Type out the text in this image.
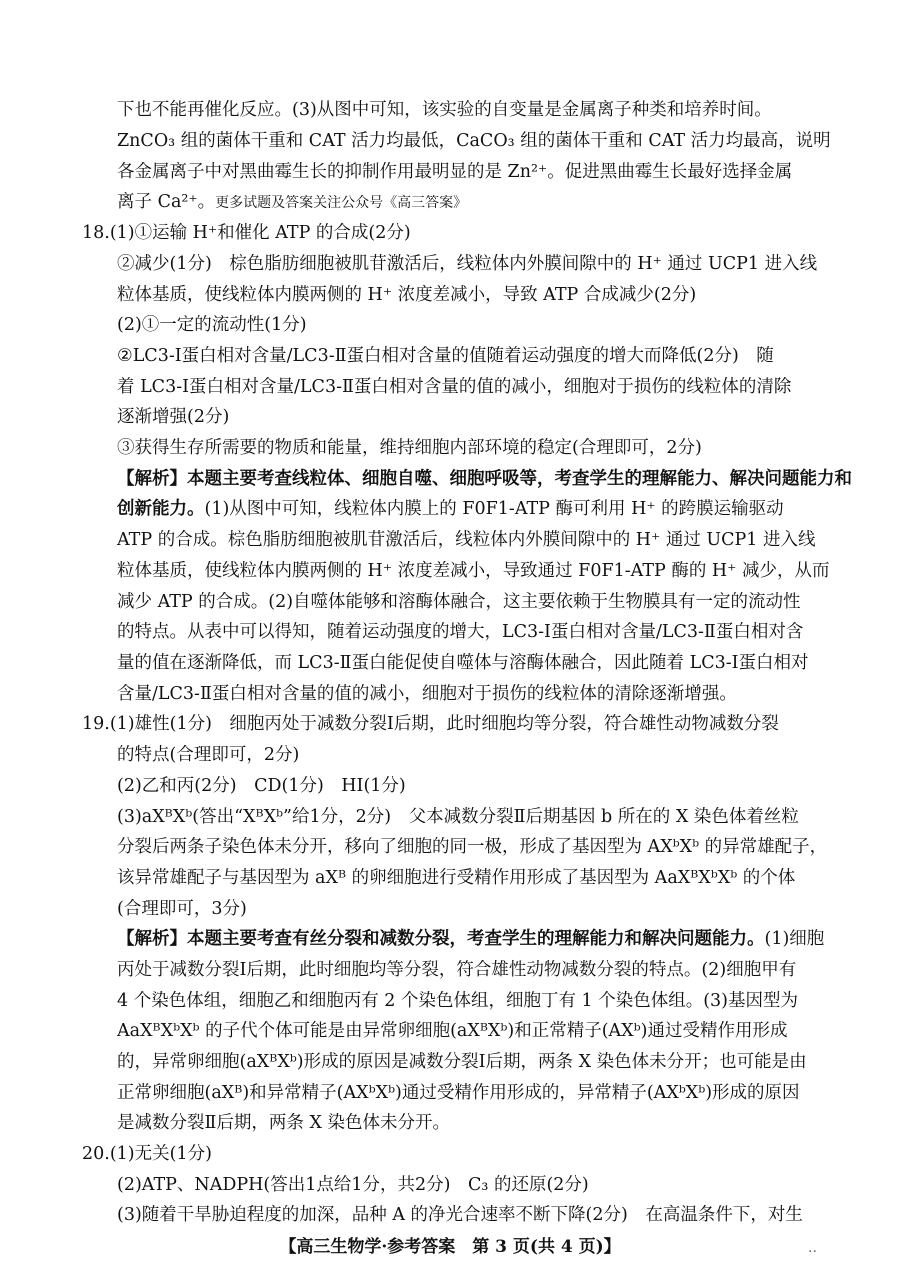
下也不能再催化反应。(3)从图中可知，该实验的自变量是金属离子种类和培养时间。
ZnCO₃ 组的菌体干重和 CAT 活力均最低，CaCO₃ 组的菌体干重和 CAT 活力均最高，说明
各金属离子中对黑曲霉生长的抑制作用最明显的是 Zn²⁺。促进黑曲霉生长最好选择金属
离子 Ca²⁺。更多试题及答案关注公众号《高三答案》
18.(1)①运输 H⁺和催化 ATP 的合成(2分)
②减少(1分)　棕色脂肪细胞被肌苷激活后，线粒体内外膜间隙中的 H⁺ 通过 UCP1 进入线
粒体基质，使线粒体内膜两侧的 H⁺ 浓度差减小，导致 ATP 合成减少(2分)
(2)①一定的流动性(1分)
②LC3-Ⅰ蛋白相对含量/LC3-Ⅱ蛋白相对含量的值随着运动强度的增大而降低(2分)　随
着 LC3-Ⅰ蛋白相对含量/LC3-Ⅱ蛋白相对含量的值的减小，细胞对于损伤的线粒体的清除
逐渐增强(2分)
③获得生存所需要的物质和能量，维持细胞内部环境的稳定(合理即可，2分)
【解析】本题主要考查线粒体、细胞自噬、细胞呼吸等，考查学生的理解能力、解决问题能力和
创新能力。(1)从图中可知，线粒体内膜上的 F0F1-ATP 酶可利用 H⁺ 的跨膜运输驱动
ATP 的合成。棕色脂肪细胞被肌苷激活后，线粒体内外膜间隙中的 H⁺ 通过 UCP1 进入线
粒体基质，使线粒体内膜两侧的 H⁺ 浓度差减小，导致通过 F0F1-ATP 酶的 H⁺ 减少，从而
减少 ATP 的合成。(2)自噬体能够和溶酶体融合，这主要依赖于生物膜具有一定的流动性
的特点。从表中可以得知，随着运动强度的增大，LC3-Ⅰ蛋白相对含量/LC3-Ⅱ蛋白相对含
量的值在逐渐降低，而 LC3-Ⅱ蛋白能促使自噬体与溶酶体融合，因此随着 LC3-Ⅰ蛋白相对
含量/LC3-Ⅱ蛋白相对含量的值的减小，细胞对于损伤的线粒体的清除逐渐增强。
19.(1)雄性(1分)　细胞丙处于减数分裂Ⅰ后期，此时细胞均等分裂，符合雄性动物减数分裂
的特点(合理即可，2分)
(2)乙和丙(2分)　CD(1分)　HI(1分)
(3)aXᴮXᵇ(答出“XᴮXᵇ”给1分，2分)　父本减数分裂Ⅱ后期基因 b 所在的 X 染色体着丝粒
分裂后两条子染色体未分开，移向了细胞的同一极，形成了基因型为 AXᵇXᵇ 的异常雄配子，
该异常雄配子与基因型为 aXᴮ 的卵细胞进行受精作用形成了基因型为 AaXᴮXᵇXᵇ 的个体
(合理即可，3分)
【解析】本题主要考查有丝分裂和减数分裂，考查学生的理解能力和解决问题能力。(1)细胞
丙处于减数分裂Ⅰ后期，此时细胞均等分裂，符合雄性动物减数分裂的特点。(2)细胞甲有
4 个染色体组，细胞乙和细胞丙有 2 个染色体组，细胞丁有 1 个染色体组。(3)基因型为
AaXᴮXᵇXᵇ 的子代个体可能是由异常卵细胞(aXᴮXᵇ)和正常精子(AXᵇ)通过受精作用形成
的，异常卵细胞(aXᴮXᵇ)形成的原因是减数分裂Ⅰ后期，两条 X 染色体未分开；也可能是由
正常卵细胞(aXᴮ)和异常精子(AXᵇXᵇ)通过受精作用形成的，异常精子(AXᵇXᵇ)形成的原因
是减数分裂Ⅱ后期，两条 X 染色体未分开。
20.(1)无关(1分)
(2)ATP、NADPH(答出1点给1分，共2分)　C₃ 的还原(2分)
(3)随着干旱胁迫程度的加深，品种 A 的净光合速率不断下降(2分)　在高温条件下，对生
【高三生物学·参考答案　第 3 页(共 4 页)】	..
